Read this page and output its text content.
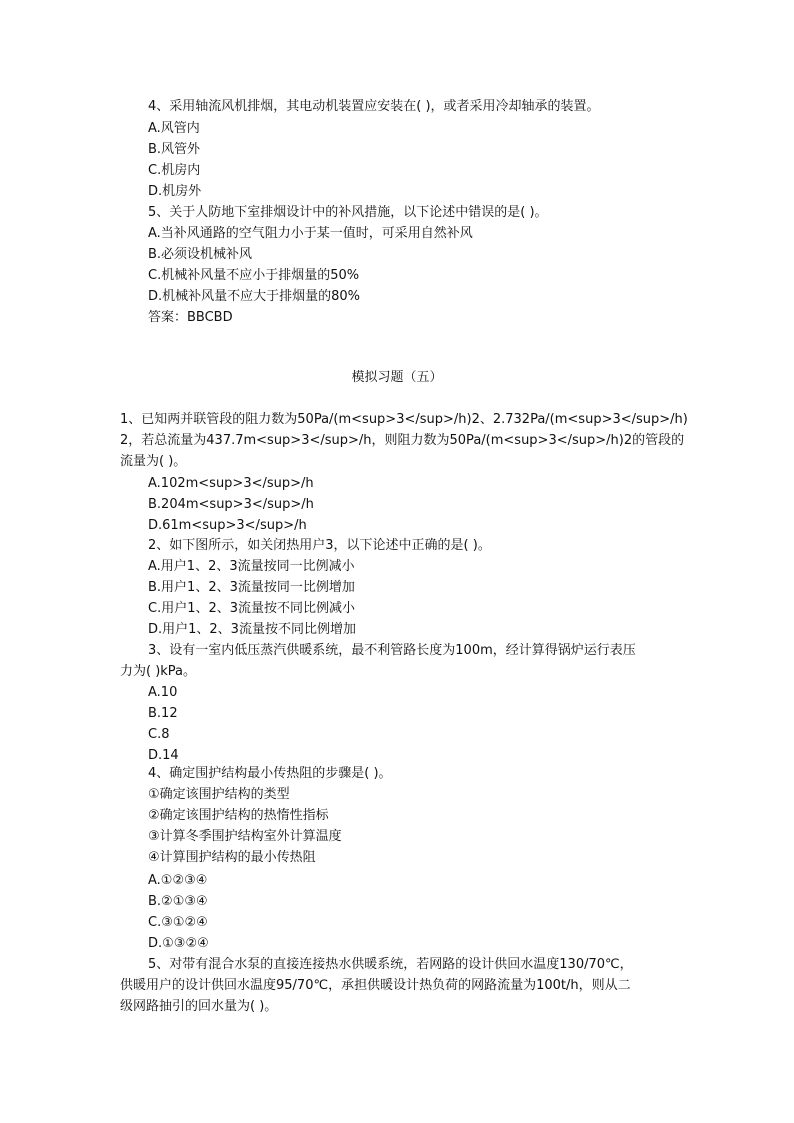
4、采用轴流风机排烟，其电动机装置应安装在( )，或者采用冷却轴承的装置。
A.风管内
B.风管外
C.机房内
D.机房外
5、关于人防地下室排烟设计中的补风措施，以下论述中错误的是( )。
A.当补风通路的空气阻力小于某一值时，可采用自然补风
B.必须设机械补风
C.机械补风量不应小于排烟量的50%
D.机械补风量不应大于排烟量的80%
答案：BBCBD
模拟习题（五）
1、已知两并联管段的阻力数为50Pa/(m<sup>3</sup>/h)2、2.732Pa/(m<sup>3</sup>/h)
2，若总流量为437.7m<sup>3</sup>/h，则阻力数为50Pa/(m<sup>3</sup>/h)2的管段的
流量为( )。
A.102m<sup>3</sup>/h
B.204m<sup>3</sup>/h
D.61m<sup>3</sup>/h
2、如下图所示，如关闭热用户3，以下论述中正确的是( )。
A.用户1、2、3流量按同一比例减小
B.用户1、2、3流量按同一比例增加
C.用户1、2、3流量按不同比例减小
D.用户1、2、3流量按不同比例增加
3、设有一室内低压蒸汽供暖系统，最不利管路长度为100m，经计算得锅炉运行表压
力为( )kPa。
A.10
B.12
C.8
D.14
4、确定围护结构最小传热阻的步骤是( )。
①确定该围护结构的类型
②确定该围护结构的热惰性指标
③计算冬季围护结构室外计算温度
④计算围护结构的最小传热阻
A.①②③④
B.②①③④
C.③①②④
D.①③②④
5、对带有混合水泵的直接连接热水供暖系统，若网路的设计供回水温度130/70℃，
供暖用户的设计供回水温度95/70℃，承担供暖设计热负荷的网路流量为100t/h，则从二
级网路抽引的回水量为( )。
